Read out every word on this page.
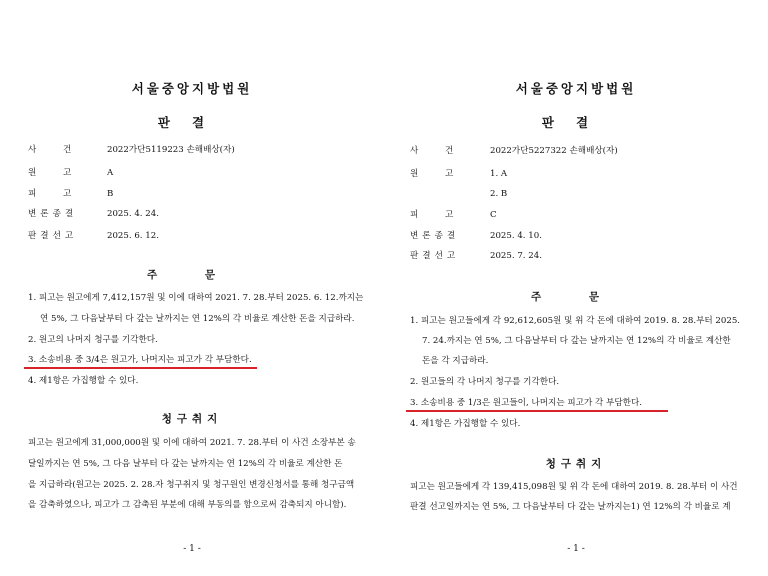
서울중앙지방법원
판결
사 건	2022가단5119223 손해배상(자)
원 고	A
피 고	B
변론종결	2025. 4. 24.
판결선고	2025. 6. 12.
주 문
1. 피고는 원고에게 7,412,157원 및 이에 대하여 2021. 7. 28.부터 2025. 6. 12.까지는
연 5%, 그 다음날부터 다 갚는 날까지는 연 12%의 각 비율로 계산한 돈을 지급하라.
2. 원고의 나머지 청구를 기각한다.
3. 소송비용 중 3/4은 원고가, 나머지는 피고가 각 부담한다.
4. 제1항은 가집행할 수 있다.
청구취지
피고는 원고에게 31,000,000원 및 이에 대하여 2021. 7. 28.부터 이 사건 소장부본 송
달일까지는 연 5%, 그 다음 날부터 다 갚는 날까지는 연 12%의 각 비율로 계산한 돈
을 지급하라(원고는 2025. 2. 28.자 청구취지 및 청구원인 변경신청서를 통해 청구금액
을 감축하였으나, 피고가 그 감축된 부분에 대해 부동의를 함으로써 감축되지 아니함).
- 1 -
서울중앙지방법원
판결
사 건	2022가단5227322 손해배상(자)
원 고	1. A
2. B
피 고	C
변론종결	2025. 4. 10.
판결선고	2025. 7. 24.
주 문
1. 피고는 원고들에게 각 92,612,605원 및 위 각 돈에 대하여 2019. 8. 28.부터 2025.
7. 24.까지는 연 5%, 그 다음날부터 다 갚는 날까지는 연 12%의 각 비율로 계산한
돈을 각 지급하라.
2. 원고들의 각 나머지 청구를 기각한다.
3. 소송비용 중 1/3은 원고들이, 나머지는 피고가 각 부담한다.
4. 제1항은 가집행할 수 있다.
청구취지
피고는 원고들에게 각 139,415,098원 및 위 각 돈에 대하여 2019. 8. 28.부터 이 사건
판결 선고일까지는 연 5%, 그 다음날부터 다 갚는 날까지는1) 연 12%의 각 비율로 계
- 1 -
